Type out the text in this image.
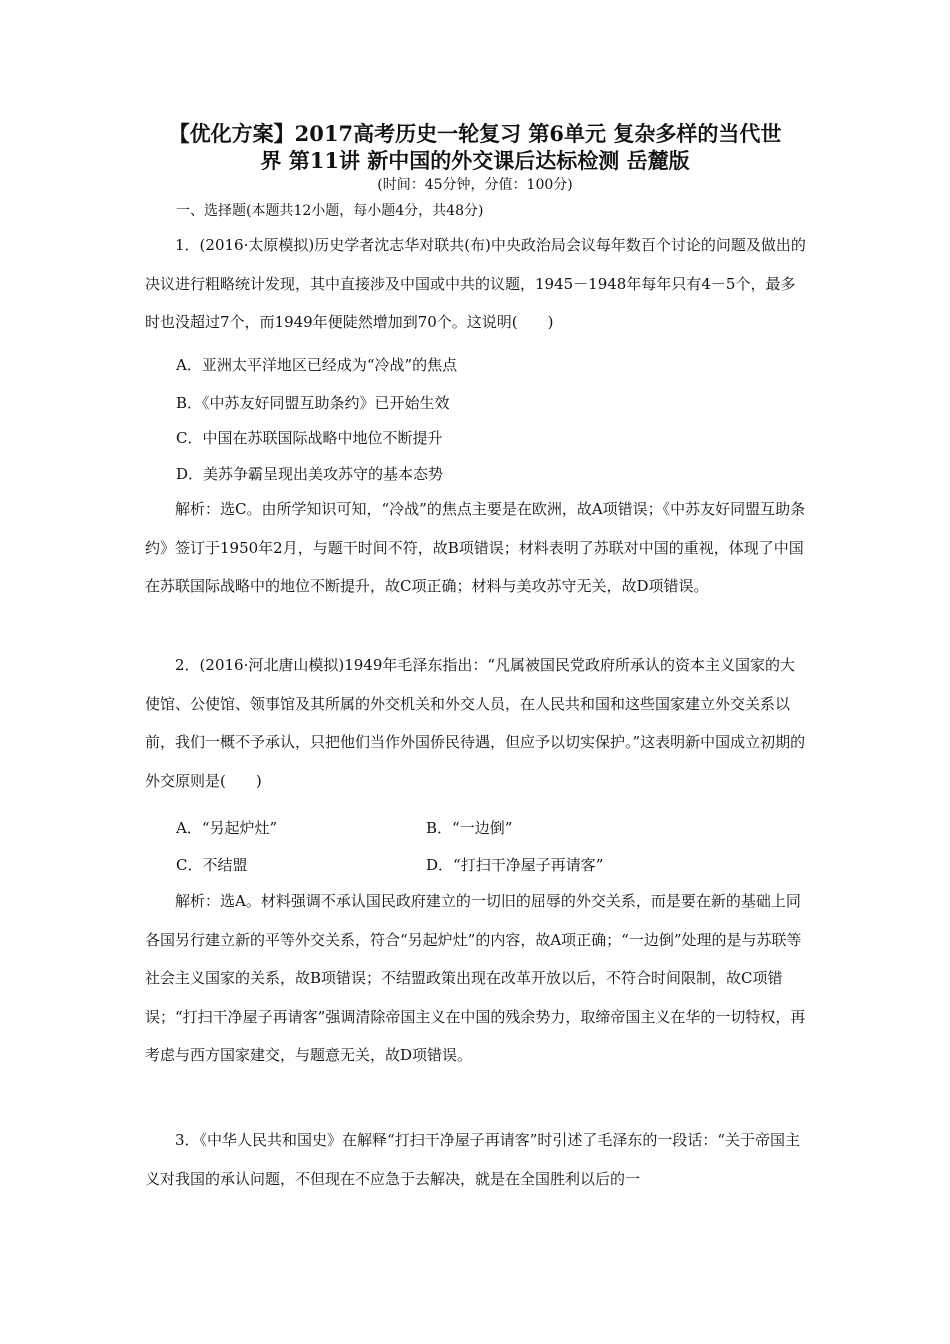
【优化方案】2017高考历史一轮复习 第6单元 复杂多样的当代世
界 第11讲 新中国的外交课后达标检测 岳麓版
(时间：45分钟，分值：100分)
一、选择题(本题共12小题，每小题4分，共48分)

1．(2016·太原模拟)历史学者沈志华对联共(布)中央政治局会议每年数百个讨论的问题及做出的决议进行粗略统计发现，其中直接涉及中国或中共的议题，1945－1948年每年只有4－5个，最多时也没超过7个，而1949年便陡然增加到70个。这说明(　　)

A．亚洲太平洋地区已经成为“冷战”的焦点
B．《中苏友好同盟互助条约》已开始生效
C．中国在苏联国际战略中地位不断提升
D．美苏争霸呈现出美攻苏守的基本态势

解析：选C。由所学知识可知，“冷战”的焦点主要是在欧洲，故A项错误；《中苏友好同盟互助条约》签订于1950年2月，与题干时间不符，故B项错误；材料表明了苏联对中国的重视，体现了中国在苏联国际战略中的地位不断提升，故C项正确；材料与美攻苏守无关，故D项错误。

2．(2016·河北唐山模拟)1949年毛泽东指出：“凡属被国民党政府所承认的资本主义国家的大使馆、公使馆、领事馆及其所属的外交机关和外交人员，在人民共和国和这些国家建立外交关系以前，我们一概不予承认，只把他们当作外国侨民待遇，但应予以切实保护。”这表明新中国成立初期的外交原则是(　　)

A．“另起炉灶”	B．“一边倒”
C．不结盟	D．“打扫干净屋子再请客”

解析：选A。材料强调不承认国民政府建立的一切旧的屈辱的外交关系，而是要在新的基础上同各国另行建立新的平等外交关系，符合“另起炉灶”的内容，故A项正确；“一边倒”处理的是与苏联等社会主义国家的关系，故B项错误；不结盟政策出现在改革开放以后，不符合时间限制，故C项错误；“打扫干净屋子再请客”强调清除帝国主义在中国的残余势力，取缔帝国主义在华的一切特权，再考虑与西方国家建交，与题意无关，故D项错误。

3．《中华人民共和国史》在解释“打扫干净屋子再请客”时引述了毛泽东的一段话：“关于帝国主义对我国的承认问题，不但现在不应急于去解决，就是在全国胜利以后的一
